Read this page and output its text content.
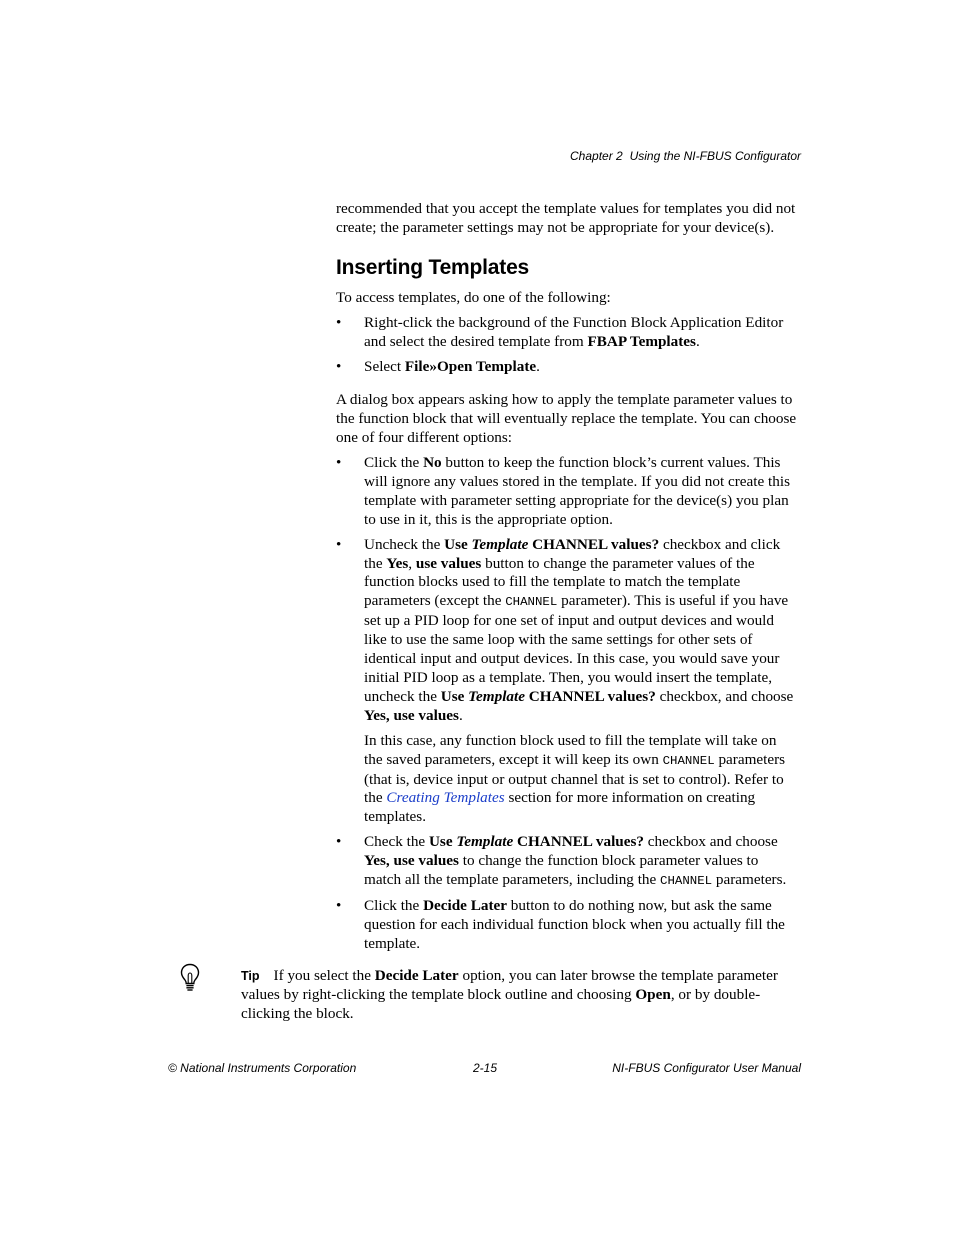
Chapter 2 Using the NI-FBUS Configurator
recommended that you accept the template values for templates you did not
create; the parameter settings may not be appropriate for your device(s).
Inserting Templates

To access templates, do one of the following:

• Right-click the background of the Function Block Application Editor and select the desired template from FBAP Templates.
• Select File»Open Template.

A dialog box appears asking how to apply the template parameter values to the function block that will eventually replace the template. You can choose one of four different options:

• Click the No button to keep the function block’s current values. This will ignore any values stored in the template. If you did not create this template with parameter setting appropriate for the device(s) you plan to use in it, this is the appropriate option.
• Uncheck the Use Template CHANNEL values? checkbox and click the Yes, use values button to change the parameter values of the function blocks used to fill the template to match the template parameters (except the CHANNEL parameter). This is useful if you have set up a PID loop for one set of input and output devices and would like to use the same loop with the same settings for other sets of identical input and output devices. In this case, you would save your initial PID loop as a template. Then, you would insert the template, uncheck the Use Template CHANNEL values? checkbox, and choose Yes, use values.

In this case, any function block used to fill the template will take on the saved parameters, except it will keep its own CHANNEL parameters (that is, device input or output channel that is set to control). Refer to the Creating Templates section for more information on creating templates.

• Check the Use Template CHANNEL values? checkbox and choose Yes, use values to change the function block parameter values to match all the template parameters, including the CHANNEL parameters.
• Click the Decide Later button to do nothing now, but ask the same question for each individual function block when you actually fill the template.
Tip If you select the Decide Later option, you can later browse the template parameter values by right-clicking the template block outline and choosing Open, or by double-clicking the block.
© National Instruments Corporation	2-15	NI-FBUS Configurator User Manual
